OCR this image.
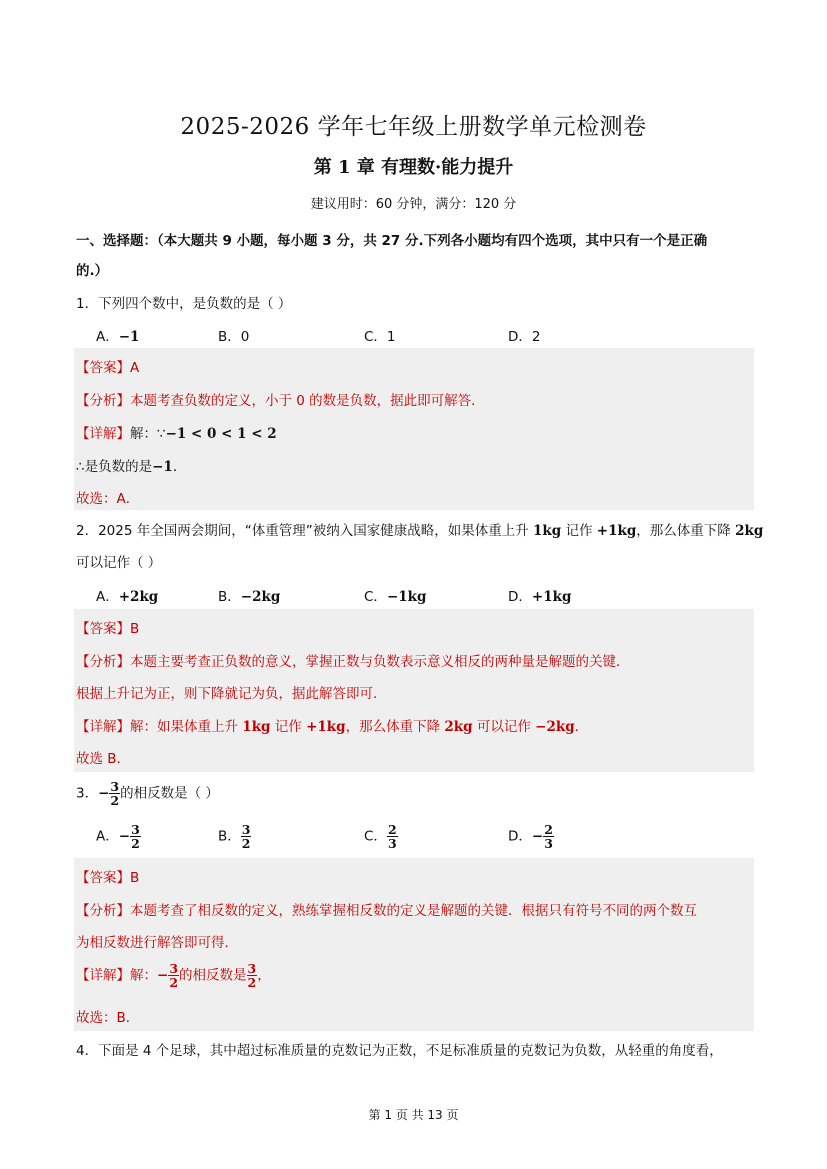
2025-2026 学年七年级上册数学单元检测卷
第 1 章 有理数·能力提升
建议用时：60 分钟，满分：120 分
一、选择题：（本大题共 9 小题，每小题 3 分，共 27 分.下列各小题均有四个选项，其中只有一个是正确
的.）
1．下列四个数中，是负数的是（ ）
A．−1	B．0	C．1	D．2
【答案】A
【分析】本题考查负数的定义，小于 0 的数是负数，据此即可解答．
【详解】解：∵−1 < 0 < 1 < 2
∴是负数的是−1．
故选：A．
2．2025 年全国两会期间，“体重管理”被纳入国家健康战略，如果体重上升 1kg 记作 +1kg，那么体重下降 2kg
可以记作（ ）
A．+2kg	B．−2kg	C．−1kg	D．+1kg
【答案】B
【分析】本题主要考查正负数的意义，掌握正数与负数表示意义相反的两种量是解题的关键．
根据上升记为正，则下降就记为负，据此解答即可．
【详解】解：如果体重上升 1kg 记作 +1kg，那么体重下降 2kg 可以记作 −2kg．
故选 B．
3．− $\frac{3}{2}$ 的相反数是（ ）
A．− $\frac{3}{2}$	B． $\frac{3}{2}$	C． $\frac{2}{3}$	D．− $\frac{2}{3}$
【答案】B
【分析】本题考查了相反数的定义，熟练掌握相反数的定义是解题的关键．根据只有符号不同的两个数互
为相反数进行解答即可得．
【详解】解：− $\frac{3}{2}$ 的相反数是 $\frac{3}{2}$ ，
故选：B．
4．下面是 4 个足球，其中超过标准质量的克数记为正数，不足标准质量的克数记为负数，从轻重的角度看，
第 1 页 共 13 页
